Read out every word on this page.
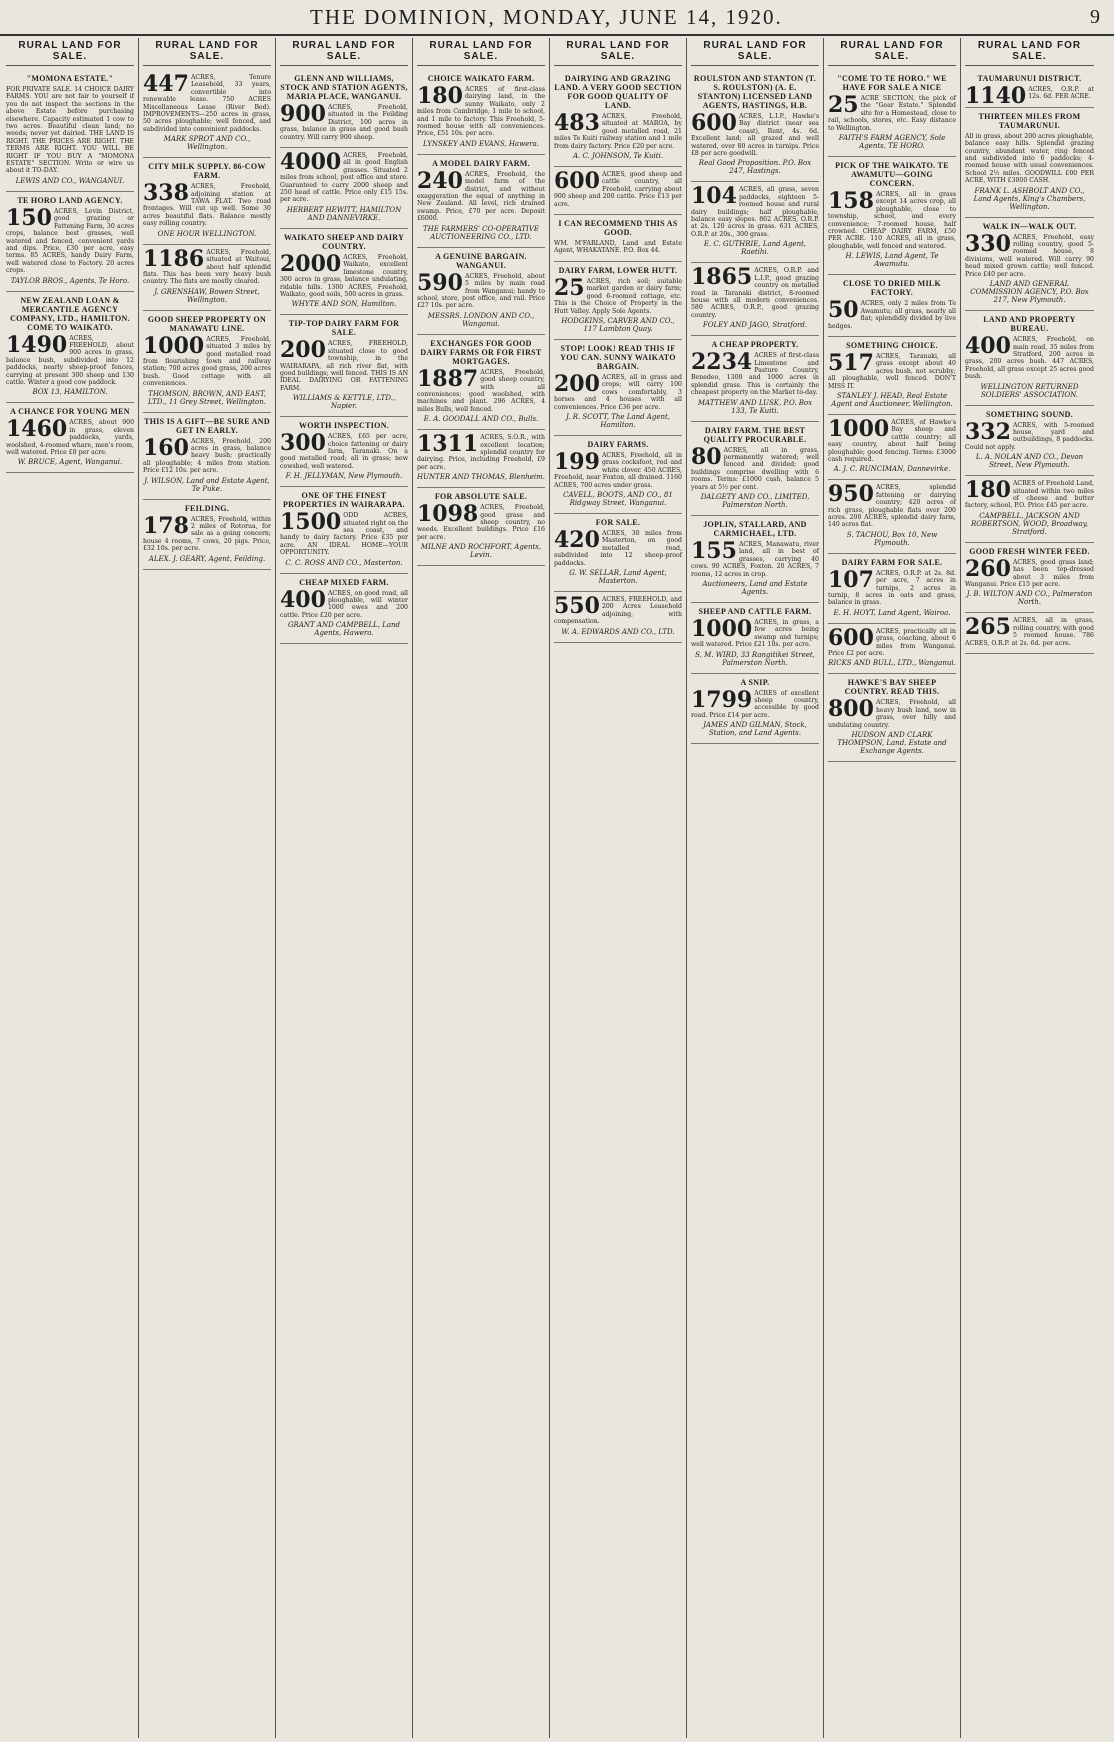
THE DOMINION, MONDAY, JUNE 14, 1920.	9
RURAL LAND FOR SALE.
"MOMONA ESTATE."

FOR PRIVATE SALE. 14 CHOICE DAIRY FARMS. YOU are not fair to yourself if you do not inspect the sections in the above Estate before purchasing elsewhere. Capacity estimated 1 cow to two acres. Beautiful clean land; no weeds; never yet dairied. THE LAND IS RIGHT. THE PRICES ARE RIGHT. THE TERMS ARE RIGHT. YOU WILL BE RIGHT IF YOU BUY A "MOMONA ESTATE" SECTION. Write or wire us about it TO-DAY.

LEWIS AND CO., WANGANUI.
TE HORO LAND AGENCY.

150 ACRES, Levin District, good grazing or Fattening Farm, 30 acres crops, balance best grasses, well watered and fenced, convenient yards and dips. Price, £30 per acre, easy terms. 85 ACRES, handy Dairy Farm, well watered close to Factory. 20 acres crops.

TAYLOR BROS., Agents, Te Horo.
NEW ZEALAND LOAN & MERCANTILE AGENCY COMPANY, LTD., HAMILTON. COME TO WAIKATO.

1490 ACRES, FREEHOLD, about 900 acres in grass, balance bush, subdivided into 12 paddocks, nearly sheep-proof fences, carrying at present 300 sheep and 130 cattle. Winter a good cow paddock.

BOX 13, HAMILTON.
A CHANCE FOR YOUNG MEN

1460 ACRES, about 900 in grass, eleven paddocks, yards, woolshed, 4-roomed whare, men's room, well watered. Price £8 per acre.

W. BRUCE, Agent, Wanganui.
RURAL LAND FOR SALE.

447 ACRES, Tenure Leasehold, 33 years, convertible into renewable lease. 750 ACRES Miscellaneous Lease (River Bed). IMPROVEMENTS—250 acres in grass, 50 acres ploughable; well fenced, and subdivided into convenient paddocks.

MARK SPROT AND CO., Wellington.
CITY MILK SUPPLY. 86-COW FARM.

338 ACRES, Freehold, adjoining station at TAWA FLAT. Two road frontages. Will cut up well. Some 30 acres beautiful flats. Balance mostly easy rolling country.

ONE HOUR WELLINGTON.

1186 ACRES, Freehold, situated at Waitoui, about half splendid flats. This has been very heavy bush country. The flats are mostly cleared.

J. GRENSHAW, Bowen Street, Wellington.
GOOD SHEEP PROPERTY ON MANAWATU LINE.

1000 ACRES, Freehold, situated 3 miles by good metalled road from flourishing town and railway station; 700 acres good grass, 200 acres bush. Good cottage with all conveniences.

THOMSON, BROWN, AND EAST, LTD., 11 Grey Street, Wellington.
THIS IS A GIFT—BE SURE AND GET IN EARLY.

160 ACRES, Freehold, 200 acres in grass, balance heavy bush; practically all ploughable; 4 miles from station. Price £12 10s. per acre.

J. WILSON, Land and Estate Agent, Te Puke.
FEILDING.

178 ACRES, Freehold, within 2 miles of Rotorua, for sale as a going concern; house 4 rooms, 7 cows, 20 pigs. Price, £32 10s. per acre.

ALEX. J. GEARY, Agent, Feilding.
RURAL LAND FOR SALE.
GLENN AND WILLIAMS, STOCK AND STATION AGENTS, MARIA PLACE, WANGANUI.

900 ACRES, Freehold, situated in the Feilding District, 100 acres in grass, balance in grass and good bush country. Will carry 900 sheep.

4000 ACRES, Freehold, all in good English grasses. Situated 2 miles from school, post office and store. Guaranteed to carry 2000 sheep and 250 head of cattle. Price only £15 15s. per acre.

HERBERT HEWITT, HAMILTON AND DANNEVIRKE.
WAIKATO SHEEP AND DAIRY COUNTRY.

2000 ACRES, Freehold, Waikato, excellent limestone country, 300 acres in grass, balance undulating, ridable hills. 1300 ACRES, Freehold, Waikato, good soils, 500 acres in grass.

WHYTE AND SON, Hamilton.
TIP-TOP DAIRY FARM FOR SALE.

200 ACRES, FREEHOLD, situated close to good township, in the WAIRARAPA, all rich river flat, with good buildings; well fenced. THIS IS AN IDEAL DAIRYING OR FATTENING FARM.

WILLIAMS & KETTLE, LTD., Napier.
WORTH INSPECTION.

300 ACRES, £65 per acre, choice fattening or dairy farm, Taranaki. On a good metalled road; all in grass; new cowshed, well watered.

F. H. JELLYMAN, New Plymouth.
ONE OF THE FINEST PROPERTIES IN WAIRARAPA.

1500 ODD ACRES, situated right on the sea coast, and handy to dairy factory. Price £35 per acre. AN IDEAL HOME—YOUR OPPORTUNITY.

C. C. ROSS AND CO., Masterton.
CHEAP MIXED FARM.

400 ACRES, on good road, all ploughable, will winter 1000 ewes and 200 cattle. Price £20 per acre.

GRANT AND CAMPBELL, Land Agents, Hawera.
RURAL LAND FOR SALE.
CHOICE WAIKATO FARM.

180 ACRES of first-class dairying land, in the sunny Waikato, only 2 miles from Cambridge, 1 mile to school, and 1 mile to factory. This Freehold, 5-roomed house with all conveniences. Price, £51 10s. per acre.

LYNSKEY AND EVANS, Hawera.
A MODEL DAIRY FARM.

240 ACRES, Freehold, the model farm of the district, and without exaggeration the equal of anything in New Zealand. All level, rich drained swamp. Price, £70 per acre. Deposit £6000.

THE FARMERS' CO-OPERATIVE AUCTIONEERING CO., LTD.
A GENUINE BARGAIN. WANGANUI.

590 ACRES, Freehold, about 5 miles by main road from Wanganui; handy to school, store, post office, and rail. Price £27 10s. per acre.

MESSRS. LONDON AND CO., Wanganui.
EXCHANGES FOR GOOD DAIRY FARMS OR FOR FIRST MORTGAGES.

1887 ACRES, Freehold, good sheep country, with all conveniences; good woolshed, with machines and plant. 296 ACRES, 4 miles Bulls, well fenced.

E. A. GOODALL AND CO., Bulls.

1311 ACRES, S.O.R., with excellent location; splendid country for dairying. Price, including Freehold, £9 per acre.

HUNTER AND THOMAS, Blenheim.
FOR ABSOLUTE SALE.

1098 ACRES, Freehold, good grass and sheep country, no weeds. Excellent buildings. Price £16 per acre.

MILNE AND ROCHFORT, Agents, Levin.
RURAL LAND FOR SALE.
DAIRYING AND GRAZING LAND. A VERY GOOD SECTION FOR GOOD QUALITY OF LAND.

483 ACRES, Freehold, situated at MAROA, by good metalled road, 21 miles Te Kuiti railway station and 1 mile from dairy factory. Price £20 per acre.

A. C. JOHNSON, Te Kuiti.

600 ACRES, good sheep and cattle country, all Freehold, carrying about 900 sheep and 200 cattle. Price £13 per acre.

I CAN RECOMMEND THIS AS GOOD.

WM. M'FARLAND, Land and Estate Agent, WHAKATANE. P.O. Box 44.

DAIRY FARM, LOWER HUTT.

25 ACRES, rich soil; suitable market garden or dairy farm; good 6-roomed cottage, etc. This is the Choice of Property in the Hutt Valley. Apply Sole Agents.

HODGKINS, CARVER AND CO., 117 Lambton Quay.
STOP! LOOK! READ THIS IF YOU CAN. SUNNY WAIKATO BARGAIN.

200 ACRES, all in grass and crops; will carry 100 cows comfortably, 3 horses and 4 houses with all conveniences. Price £36 per acre.

J. R. SCOTT, The Land Agent, Hamilton.
DAIRY FARMS.

199 ACRES, Freehold, all in grass cocksfoot, red and white clover. 450 ACRES, Freehold, near Foxton, all drained. 1160 ACRES, 700 acres under grass.

CAVELL, BOOTS, AND CO., 81 Ridgway Street, Wanganui.
FOR SALE.

420 ACRES, 30 miles from Masterton, on good metalled road, subdivided into 12 sheep-proof paddocks.

G. W. SELLAR, Land Agent, Masterton.

550 ACRES, FREEHOLD, and 200 Acres Leasehold adjoining, with compensation.

W. A. EDWARDS AND CO., LTD.
RURAL LAND FOR SALE.
ROULSTON AND STANTON (T. S. ROULSTON) (A. E. STANTON) LICENSED LAND AGENTS, HASTINGS, H.B.

600 ACRES, L.I.P., Hawke's Bay district (near sea coast), Rent, 4s. 6d. Excellent land; all grazed and well watered, over 80 acres in turnips. Price £8 per acre goodwill.

Real Good Proposition. P.O. Box 247, Hastings.

104 ACRES, all grass, seven paddocks, eighteen 5-roomed house and rural dairy buildings; half ploughable, balance easy slopes. 862 ACRES, O.R.P. at 2s. 120 acres in grass. 631 ACRES, O.R.P. at 20s., 300 grass.

E. C. GUTHRIE, Land Agent, Raetihi.

1865 ACRES, O.R.P. and L.I.P., good grazing country on metalled road in Taranaki district, 8-roomed house with all modern conveniences. 580 ACRES, O.R.P., good grazing country.

FOLEY AND JAGO, Stratford.
A CHEAP PROPERTY.

2234 ACRES of first-class Limestone and Pasture Country, Benedeo, 1300 and 1000 acres in splendid grass. This is certainly the cheapest property on the Market to-day.

MATTHEW AND LUSK, P.O. Box 133, Te Kuiti.
DAIRY FARM. THE BEST QUALITY PROCURABLE.

80 ACRES, all in grass, permanently watered; well fenced and divided; good buildings comprise dwelling with 6 rooms. Terms: £1000 cash, balance 5 years at 5½ per cent.

DALGETY AND CO., LIMITED, Palmerston North.
JOPLIN, STALLARD, AND CARMICHAEL, LTD.

155 ACRES, Manawatu, river land, all in best of grasses, carrying 40 cows. 90 ACRES, Foxton. 20 ACRES, 7 rooms, 12 acres in crop.

Auctioneers, Land and Estate Agents.
SHEEP AND CATTLE FARM.

1000 ACRES, in grass, a few acres being swamp and turnips; well watered. Price £21 10s. per acre.

S. M. WIRD, 33 Rangitikei Street, Palmerston North.
A SNIP.

1799 ACRES of excellent sheep country, accessible by good road. Price £14 per acre.

JAMES AND GILMAN, Stock, Station, and Land Agents.
RURAL LAND FOR SALE.
"COME TO TE HORO." WE HAVE FOR SALE A NICE

25 ACRE SECTION, the pick of the "Gear Estate." Splendid site for a Homestead, close to rail, schools, stores, etc. Easy distance to Wellington.

FAITH'S FARM AGENCY, Sole Agents, TE HORO.
PICK OF THE WAIKATO. TE AWAMUTU—GOING CONCERN.

158 ACRES, all in grass except 14 acres crop, all ploughable, close to township, school, and every convenience; 7-roomed house, half crowned. CHEAP DAIRY FARM, £50 PER ACRE. 110 ACRES, all in grass, ploughable, well fenced and watered.

H. LEWIS, Land Agent, Te Awamutu.
CLOSE TO DRIED MILK FACTORY.

50 ACRES, only 2 miles from Te Awamutu; all grass, nearly all flat; splendidly divided by live hedges.

SOMETHING CHOICE.

517 ACRES, Taranaki, all grass except about 40 acres bush, not scrubby; all ploughable, well fenced. DON'T MISS IT.

STANLEY J. HEAD, Real Estate Agent and Auctioneer, Wellington.

1000 ACRES, of Hawke's Bay sheep and cattle country; all easy country, about half being ploughable; good fencing. Terms: £3000 cash required.

A. J. C. RUNCIMAN, Dannevirke.

950 ACRES, splendid fattening or dairying country; 420 acres of rich grass, ploughable flats over 200 acres. 200 ACRES, splendid dairy farm, 140 acres flat.

S. TACHOU, Box 10, New Plymouth.
DAIRY FARM FOR SALE.

107 ACRES, O.R.P. at 2s. 8d. per acre, 7 acres in turnips, 2 acres in turnip, 8 acres in oats and grass, balance in grass.

E. H. HOYT, Land Agent, Wairoa.

600 ACRES, practically all in grass, coaching, about 6 miles from Wanganui. Price £2 per acre.

RICKS AND BULL, LTD., Wanganui.
HAWKE'S BAY SHEEP COUNTRY. READ THIS.

800 ACRES, Freehold, all heavy bush land, now in grass, over hilly and undulating country.

HUDSON AND CLARK THOMPSON, Land, Estate and Exchange Agents.
RURAL LAND FOR SALE.
TAUMARUNUI DISTRICT.

1140 ACRES, O.R.P. at 12s. 6d. PER ACRE.

THIRTEEN MILES FROM TAUMARUNUI.

All in grass, about 200 acres ploughable, balance easy hills. Splendid grazing country, abundant water, ring fenced and subdivided into 6 paddocks; 4-roomed house with usual conveniences. School 2½ miles. GOODWILL £00 PER ACRE, WITH £3000 CASH.

FRANK L. ASHBOLT AND CO., Land Agents, King's Chambers, Wellington.
WALK IN—WALK OUT.

330 ACRES, Freehold, easy rolling country, good 5-roomed house, 8 divisions, well watered. Will carry 90 head mixed grown cattle; well fenced. Price £40 per acre.

LAND AND GENERAL COMMISSION AGENCY, P.O. Box 217, New Plymouth.
LAND AND PROPERTY BUREAU.

400 ACRES, Freehold, on main road, 35 miles from Stratford, 200 acres in grass, 200 acres bush. 447 ACRES, Freehold, all grass except 25 acres good bush.

WELLINGTON RETURNED SOLDIERS' ASSOCIATION.
SOMETHING SOUND.

332 ACRES, with 5-roomed house, yard and outbuildings, 8 paddocks. Could not apply.

L. A. NOLAN AND CO., Devon Street, New Plymouth.

180 ACRES of Freehold Land, situated within two miles of cheese and butter factory, school, P.O. Price £45 per acre.

CAMPBELL, JACKSON AND ROBERTSON, WOOD, Broadway, Stratford.
GOOD FRESH WINTER FEED.

260 ACRES, good grass land; has been top-dressed about 3 miles from Wanganui. Price £15 per acre.

J. B. WILTON AND CO., Palmerston North.

265 ACRES, all in grass, rolling country, with good 5 roomed house. 786 ACRES, O.R.P. at 2s. 6d. per acre.
